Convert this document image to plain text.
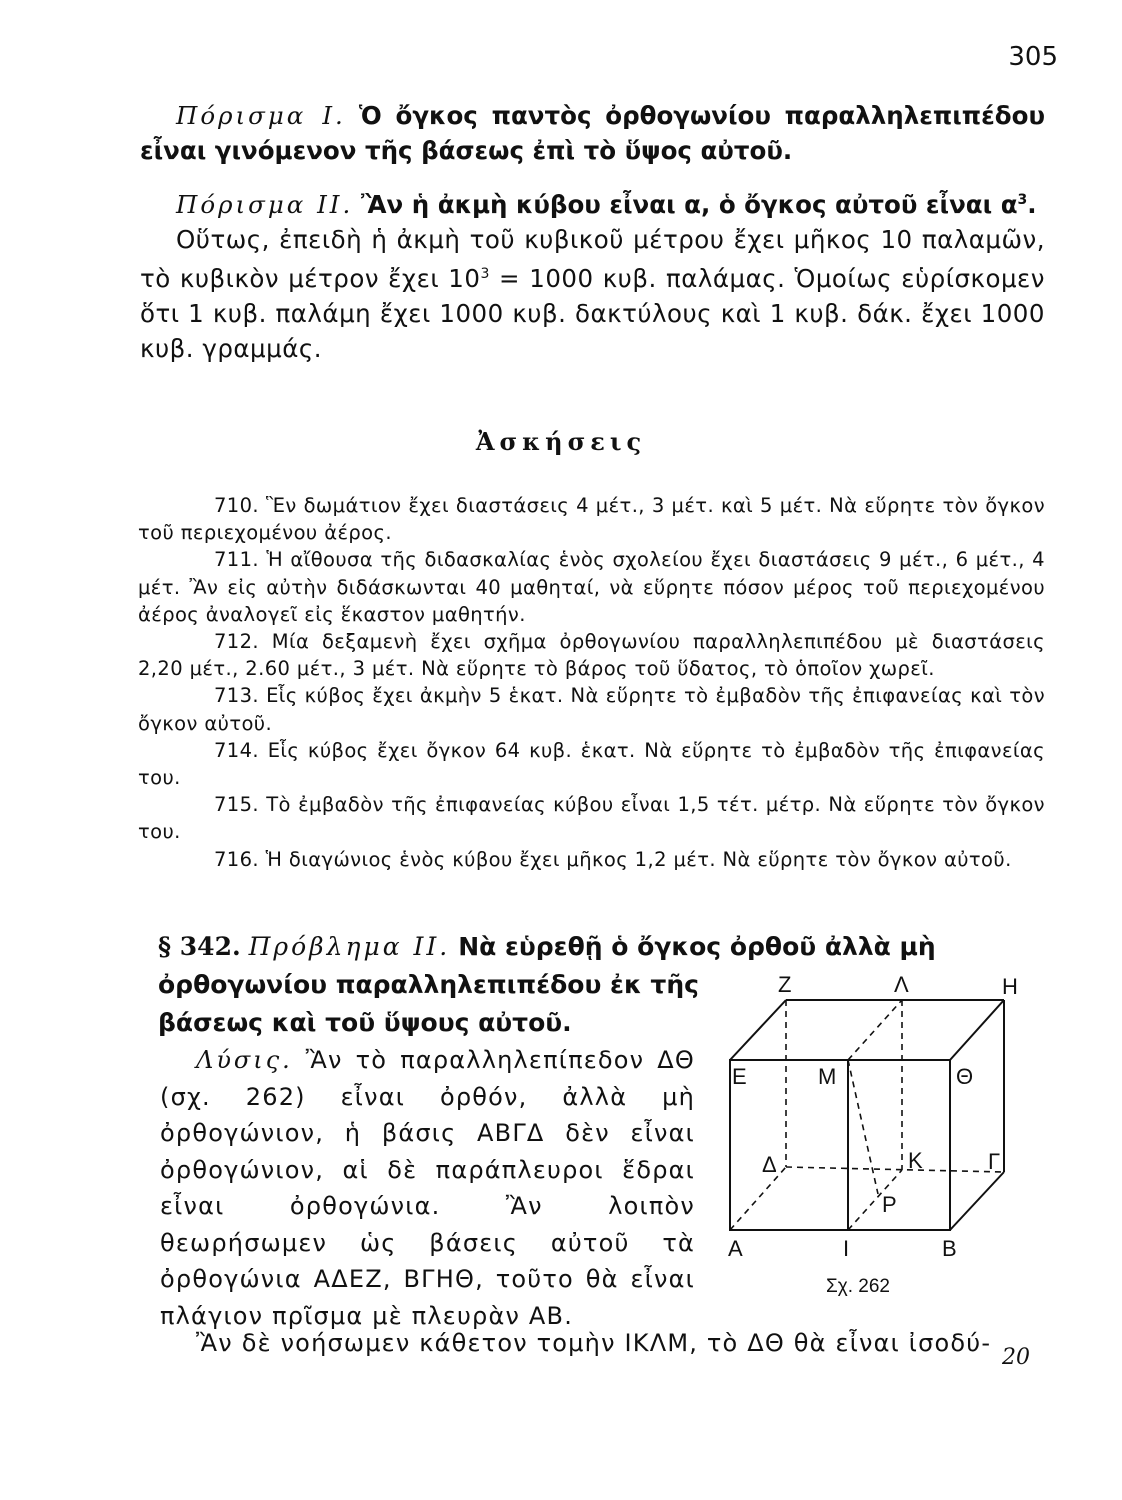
305

Πόρισμα Ι. Ὁ ὄγκος παντὸς ὀρθογωνίου παραλληλεπιπέδου εἶναι γινόμενον τῆς βάσεως ἐπὶ τὸ ὕψος αὐτοῦ.

Πόρισμα ΙΙ. Ἂν ἡ ἀκμὴ κύβου εἶναι α, ὁ ὄγκος αὐτοῦ εἶναι $\alpha^3$.

Οὕτως, ἐπειδὴ ἡ ἀκμὴ τοῦ κυβικοῦ μέτρου ἔχει μῆκος 10 παλαμῶν, τὸ κυβικὸν μέτρον ἔχει $10^3 = 1000$ κυβ. παλάμας. Ὁμοίως εὑρίσκομεν ὅτι 1 κυβ. παλάμη ἔχει 1000 κυβ. δακτύλους καὶ 1 κυβ. δάκ. ἔχει 1000 κυβ. γραμμάς.

Ἀσκήσεις

710. Ἓν δωμάτιον ἔχει διαστάσεις 4 μέτ., 3 μέτ. καὶ 5 μέτ. Νὰ εὕρητε τὸν ὄγκον τοῦ περιεχομένου ἀέρος.

711. Ἡ αἴθουσα τῆς διδασκαλίας ἑνὸς σχολείου ἔχει διαστάσεις 9 μέτ., 6 μέτ., 4 μέτ. Ἂν εἰς αὐτὴν διδάσκωνται 40 μαθηταί, νὰ εὕρητε πόσον μέρος τοῦ περιεχομένου ἀέρος ἀναλογεῖ εἰς ἕκαστον μαθητήν.

712. Μία δεξαμενὴ ἔχει σχῆμα ὀρθογωνίου παραλληλεπιπέδου μὲ διαστάσεις 2,20 μέτ., 2.60 μέτ., 3 μέτ. Νὰ εὕρητε τὸ βάρος τοῦ ὕδατος, τὸ ὁποῖον χωρεῖ.

713. Εἷς κύβος ἔχει ἀκμὴν 5 ἑκατ. Νὰ εὕρητε τὸ ἐμβαδὸν τῆς ἐπιφανείας καὶ τὸν ὄγκον αὐτοῦ.

714. Εἷς κύβος ἔχει ὄγκον 64 κυβ. ἑκατ. Νὰ εὕρητε τὸ ἐμβαδὸν τῆς ἐπιφανείας του.

715. Τὸ ἐμβαδὸν τῆς ἐπιφανείας κύβου εἶναι 1,5 τέτ. μέτρ. Νὰ εὕρητε τὸν ὄγκον του.

716. Ἡ διαγώνιος ἑνὸς κύβου ἔχει μῆκος 1,2 μέτ. Νὰ εὕρητε τὸν ὄγκον αὐτοῦ.

§ 342. Πρόβλημα ΙΙ. Νὰ εὑρεθῇ ὁ ὄγκος ὀρθοῦ ἀλλὰ μὴ

ὀρθογωνίου παραλληλεπιπέδου ἐκ τῆς

βάσεως καὶ τοῦ ὕψους αὐτοῦ.

Λύσις. Ἂν τὸ παραλληλεπίπεδον ΔΘ (σχ. 262) εἶναι ὀρθόν, ἀλλὰ μὴ ὀρθογώνιον, ἡ βάσις ΑΒΓΔ δὲν εἶναι ὀρθογώνιον, αἱ δὲ παράπλευροι ἕδραι εἶναι ὀρθογώνια. Ἂν λοιπὸν θεωρήσωμεν ὡς βάσεις αὐτοῦ τὰ ὀρθογώνια ΑΔΕΖ, ΒΓΗΘ, τοῦτο θὰ εἶναι πλάγιον πρῖσμα μὲ πλευρὰν ΑΒ.

Ἂν δὲ νοήσωμεν κάθετον τομὴν ΙΚΛΜ, τὸ ΔΘ θὰ εἶναι ἰσοδύ-

Ζ	Λ	Η
Ε	Μ	Θ
Δ	Κ	Γ
Ρ
Α	Ι	Β
Σχ. 262
20
